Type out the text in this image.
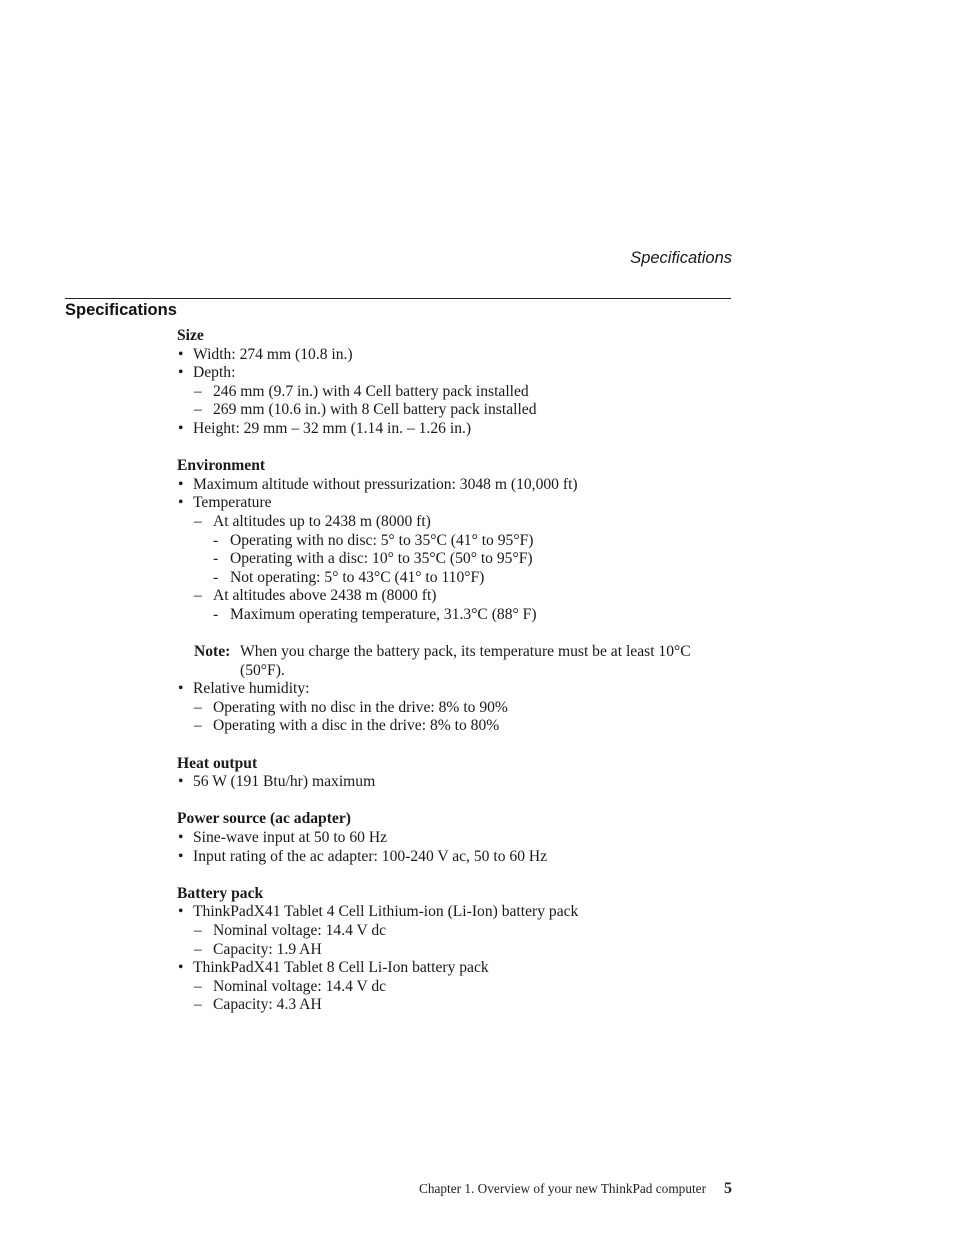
Specifications
Specifications
Size
• Width: 274 mm (10.8 in.)
• Depth:
– 246 mm (9.7 in.) with 4 Cell battery pack installed
– 269 mm (10.6 in.) with 8 Cell battery pack installed
• Height: 29 mm – 32 mm (1.14 in. – 1.26 in.)
Environment
• Maximum altitude without pressurization: 3048 m (10,000 ft)
• Temperature
– At altitudes up to 2438 m (8000 ft)
- Operating with no disc: 5° to 35°C (41° to 95°F)
- Operating with a disc: 10° to 35°C (50° to 95°F)
- Not operating: 5° to 43°C (41° to 110°F)
– At altitudes above 2438 m (8000 ft)
- Maximum operating temperature, 31.3°C (88° F)
Note: When you charge the battery pack, its temperature must be at least 10°C (50°F).
• Relative humidity:
– Operating with no disc in the drive: 8% to 90%
– Operating with a disc in the drive: 8% to 80%
Heat output
• 56 W (191 Btu/hr) maximum
Power source (ac adapter)
• Sine-wave input at 50 to 60 Hz
• Input rating of the ac adapter: 100-240 V ac, 50 to 60 Hz
Battery pack
• ThinkPadX41 Tablet 4 Cell Lithium-ion (Li-Ion) battery pack
– Nominal voltage: 14.4 V dc
– Capacity: 1.9 AH
• ThinkPadX41 Tablet 8 Cell Li-Ion battery pack
– Nominal voltage: 14.4 V dc
– Capacity: 4.3 AH
Chapter 1. Overview of your new ThinkPad computer 5
